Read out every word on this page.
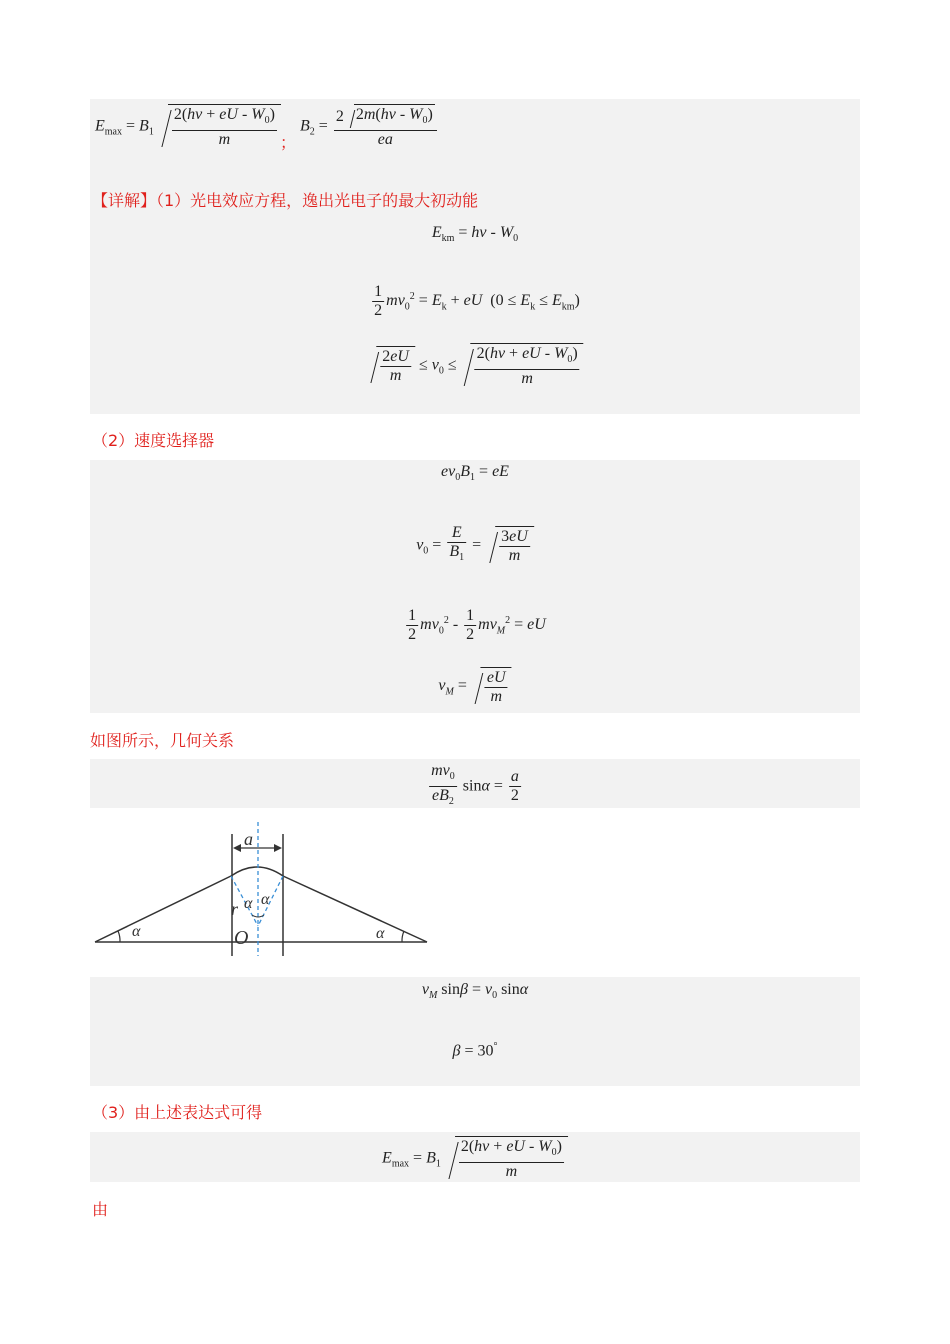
$E_{max} = B_1 \frac{2(h\nu + eU - W_0)}{m}$ ；
$B_2 = \frac{2 2m(h\nu - W_0)}{ea}$
【详解】（1）光电效应方程，逸出光电子的最大初动能
$E_{km} = h\nu - W_0$
$\frac{1}{2} mv_0^2 = E_k$ + eU  $(0 \le E_k \le E_{km})$
$\frac{2eU}{m} \le v_0 \le \frac{2(h\nu + eU - W_0)}{m}$
（2）速度选择器
$ev_0B_1$ = eE
$v_0 = \frac{E}{B_1} = \frac{3eU}{m}$
$\frac{1}{2} mv_0^2 - \frac{1}{2} mv_M^2$ = eU
$v_M = \frac{eU}{m}$
如图所示，几何关系
$\frac{mv_0}{eB_2}$ $\sin\alpha = \frac{a}{2}$
a
α	α
α α
r
O
$v_M$ $\sin\beta = v_0$ sinα
β = 30°
（3）由上述表达式可得
$E_{max} = B_1 \frac{2(h\nu + eU - W_0)}{m}$
由
